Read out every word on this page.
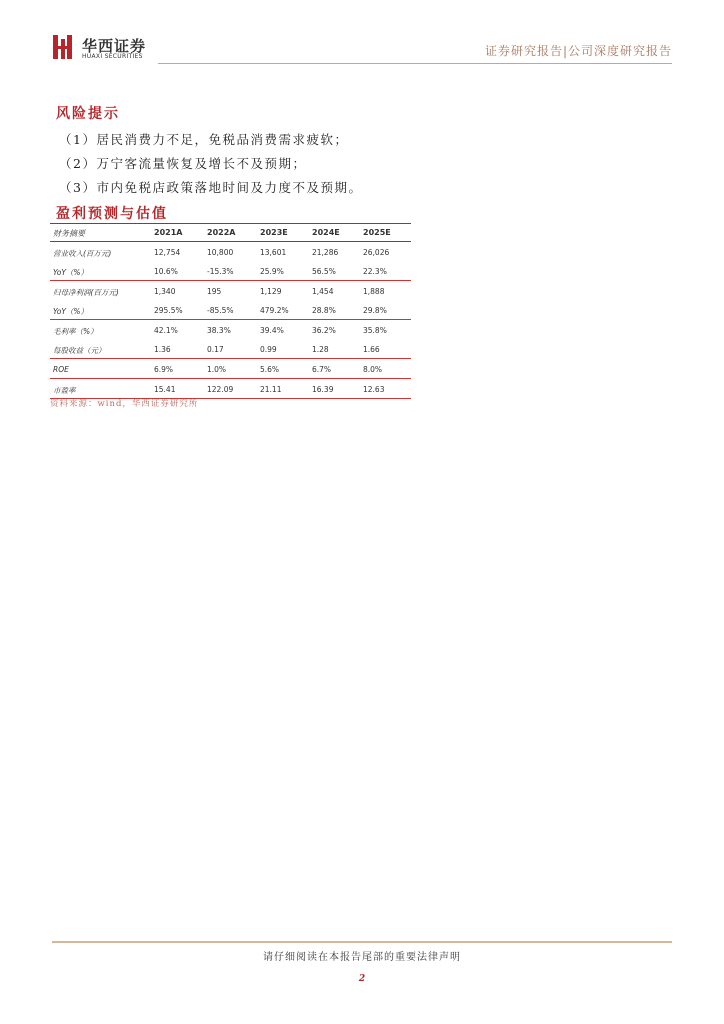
华西证券
HUAXI SECURITIES	证券研究报告|公司深度研究报告
风险提示
（1）居民消费力不足，免税品消费需求疲软；
（2）万宁客流量恢复及增长不及预期；
（3）市内免税店政策落地时间及力度不及预期。
盈利预测与估值
财务摘要	2021A	2022A	2023E	2024E	2025E
营业收入(百万元)	12,754	10,800	13,601	21,286	26,026
YoY（%）	10.6%	-15.3%	25.9%	56.5%	22.3%
归母净利润(百万元)	1,340	195	1,129	1,454	1,888
YoY（%）	295.5%	-85.5%	479.2%	28.8%	29.8%
毛利率（%）	42.1%	38.3%	39.4%	36.2%	35.8%
每股收益（元）	1.36	0.17	0.99	1.28	1.66
ROE	6.9%	1.0%	5.6%	6.7%	8.0%
市盈率	15.41	122.09	21.11	16.39	12.63
资料来源：wind，华西证券研究所
请仔细阅读在本报告尾部的重要法律声明
2
